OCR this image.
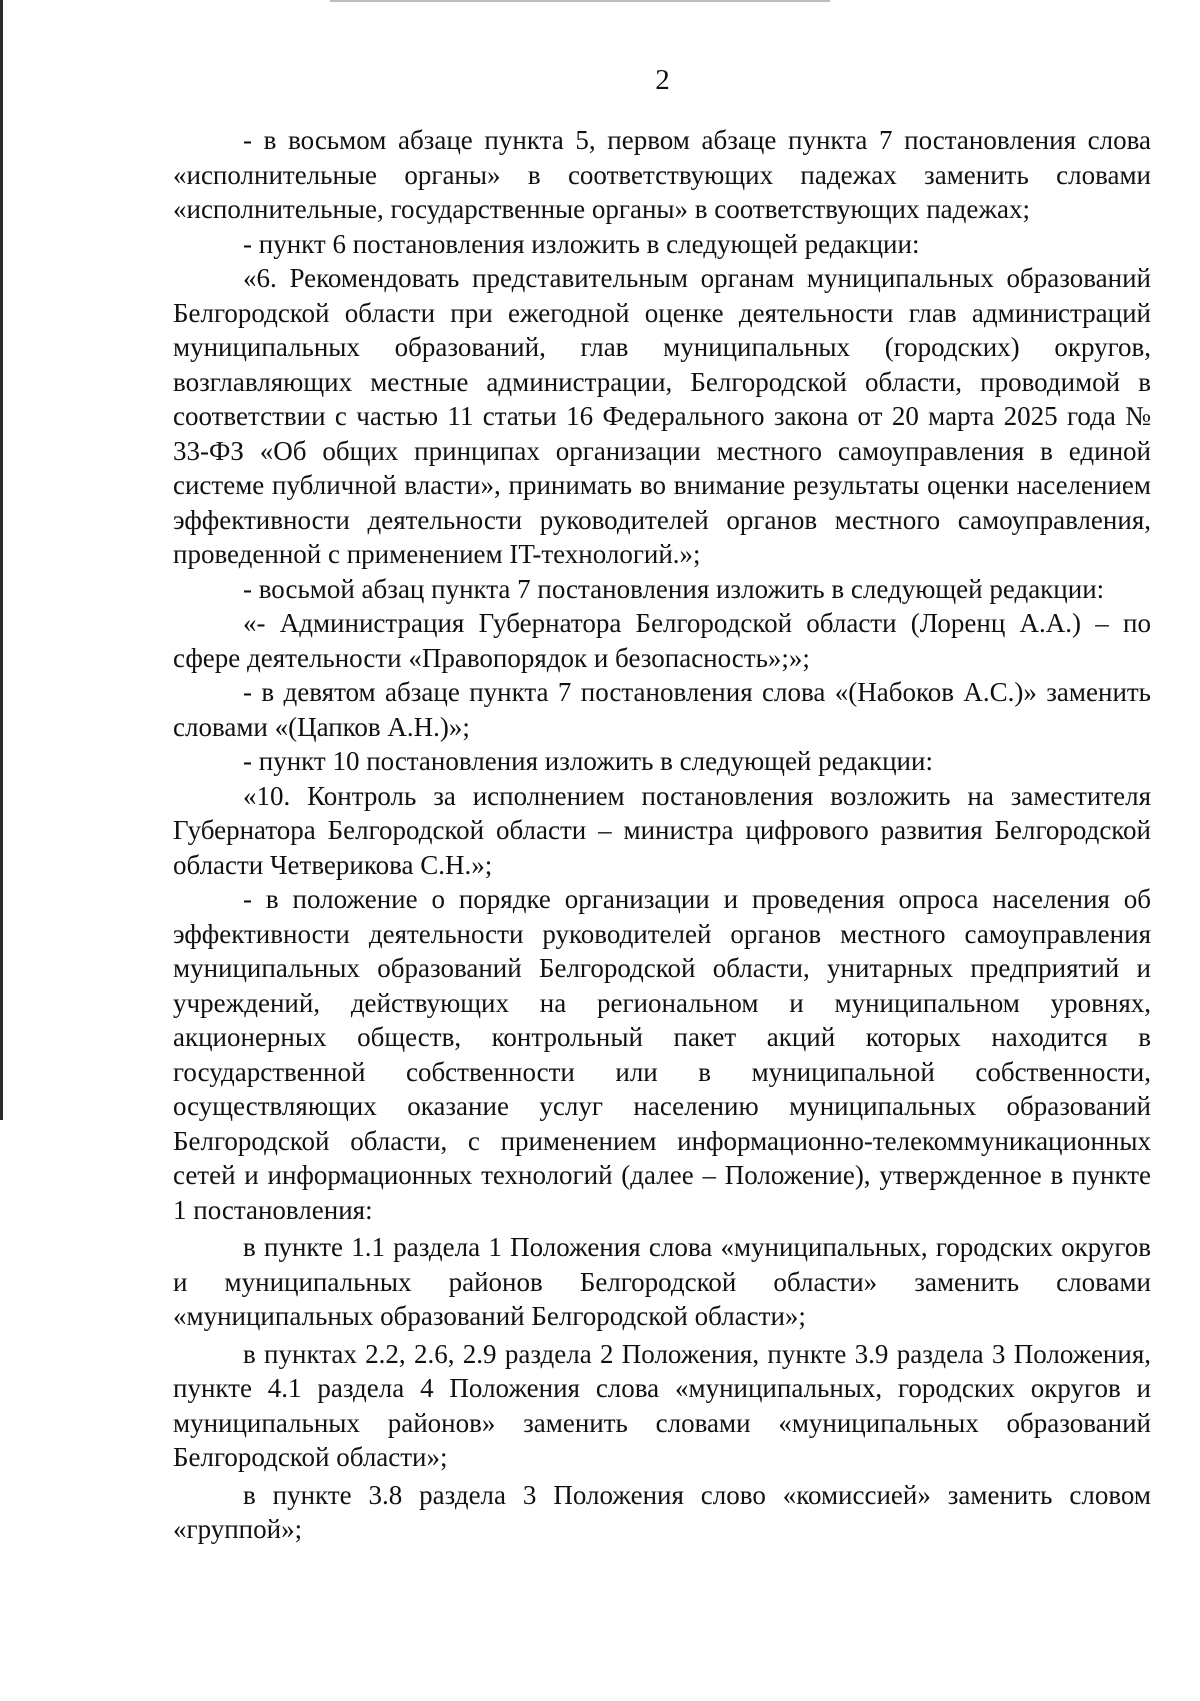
2

- в восьмом абзаце пункта 5, первом абзаце пункта 7 постановления слова «исполнительные органы» в соответствующих падежах заменить словами «исполнительные, государственные органы» в соответствующих падежах;

- пункт 6 постановления изложить в следующей редакции:

«6. Рекомендовать представительным органам муниципальных образований Белгородской области при ежегодной оценке деятельности глав администраций муниципальных образований, глав муниципальных (городских) округов, возглавляющих местные администрации, Белгородской области, проводимой в соответствии с частью 11 статьи 16 Федерального закона от 20 марта 2025 года № 33-ФЗ «Об общих принципах организации местного самоуправления в единой системе публичной власти», принимать во внимание результаты оценки населением эффективности деятельности руководителей органов местного самоуправления, проведенной с применением IT-технологий.»;

- восьмой абзац пункта 7 постановления изложить в следующей редакции:

«- Администрация Губернатора Белгородской области (Лоренц А.А.) – по сфере деятельности «Правопорядок и безопасность»;»;

- в девятом абзаце пункта 7 постановления слова «(Набоков А.С.)» заменить словами «(Цапков А.Н.)»;

- пункт 10 постановления изложить в следующей редакции:

«10. Контроль за исполнением постановления возложить на заместителя Губернатора Белгородской области – министра цифрового развития Белгородской области Четверикова С.Н.»;

- в положение о порядке организации и проведения опроса населения об эффективности деятельности руководителей органов местного самоуправления муниципальных образований Белгородской области, унитарных предприятий и учреждений, действующих на региональном и муниципальном уровнях, акционерных обществ, контрольный пакет акций которых находится в государственной собственности или в муниципальной собственности, осуществляющих оказание услуг населению муниципальных образований Белгородской области, с применением информационно-телекоммуникационных сетей и информационных технологий (далее – Положение), утвержденное в пункте 1 постановления:

в пункте 1.1 раздела 1 Положения слова «муниципальных, городских округов и муниципальных районов Белгородской области» заменить словами «муниципальных образований Белгородской области»;

в пунктах 2.2, 2.6, 2.9 раздела 2 Положения, пункте 3.9 раздела 3 Положения, пункте 4.1 раздела 4 Положения слова «муниципальных, городских округов и муниципальных районов» заменить словами «муниципальных образований Белгородской области»;

в пункте 3.8 раздела 3 Положения слово «комиссией» заменить словом «группой»;
